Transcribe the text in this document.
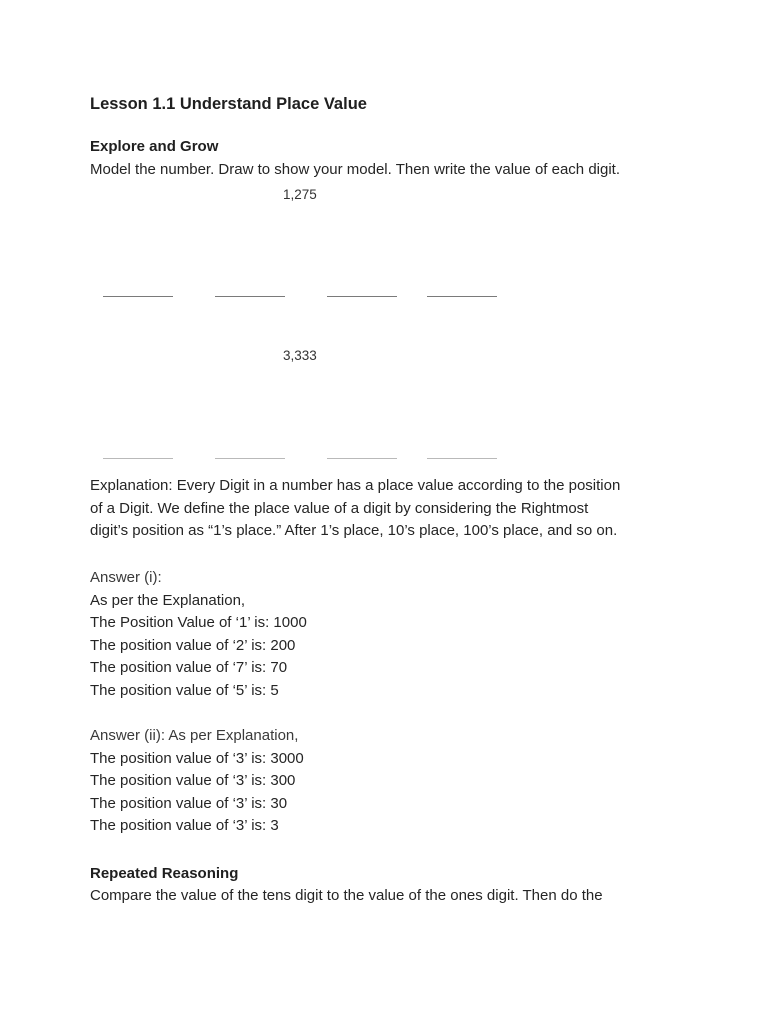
Lesson 1.1 Understand Place Value
Explore and Grow
Model the number. Draw to show your model. Then write the value of each digit.
1,275
3,333
Explanation: Every Digit in a number has a place value according to the position
of a Digit. We define the place value of a digit by considering the Rightmost
digit’s position as “1’s place.” After 1’s place, 10’s place, 100’s place, and so on.
Answer (i):
As per the Explanation,
The Position Value of ‘1’ is: 1000
The position value of ‘2’ is: 200
The position value of ‘7’ is: 70
The position value of ‘5’ is: 5
Answer (ii): As per Explanation,
The position value of ‘3’ is: 3000
The position value of ‘3’ is: 300
The position value of ‘3’ is: 30
The position value of ‘3’ is: 3
Repeated Reasoning
Compare the value of the tens digit to the value of the ones digit. Then do the
